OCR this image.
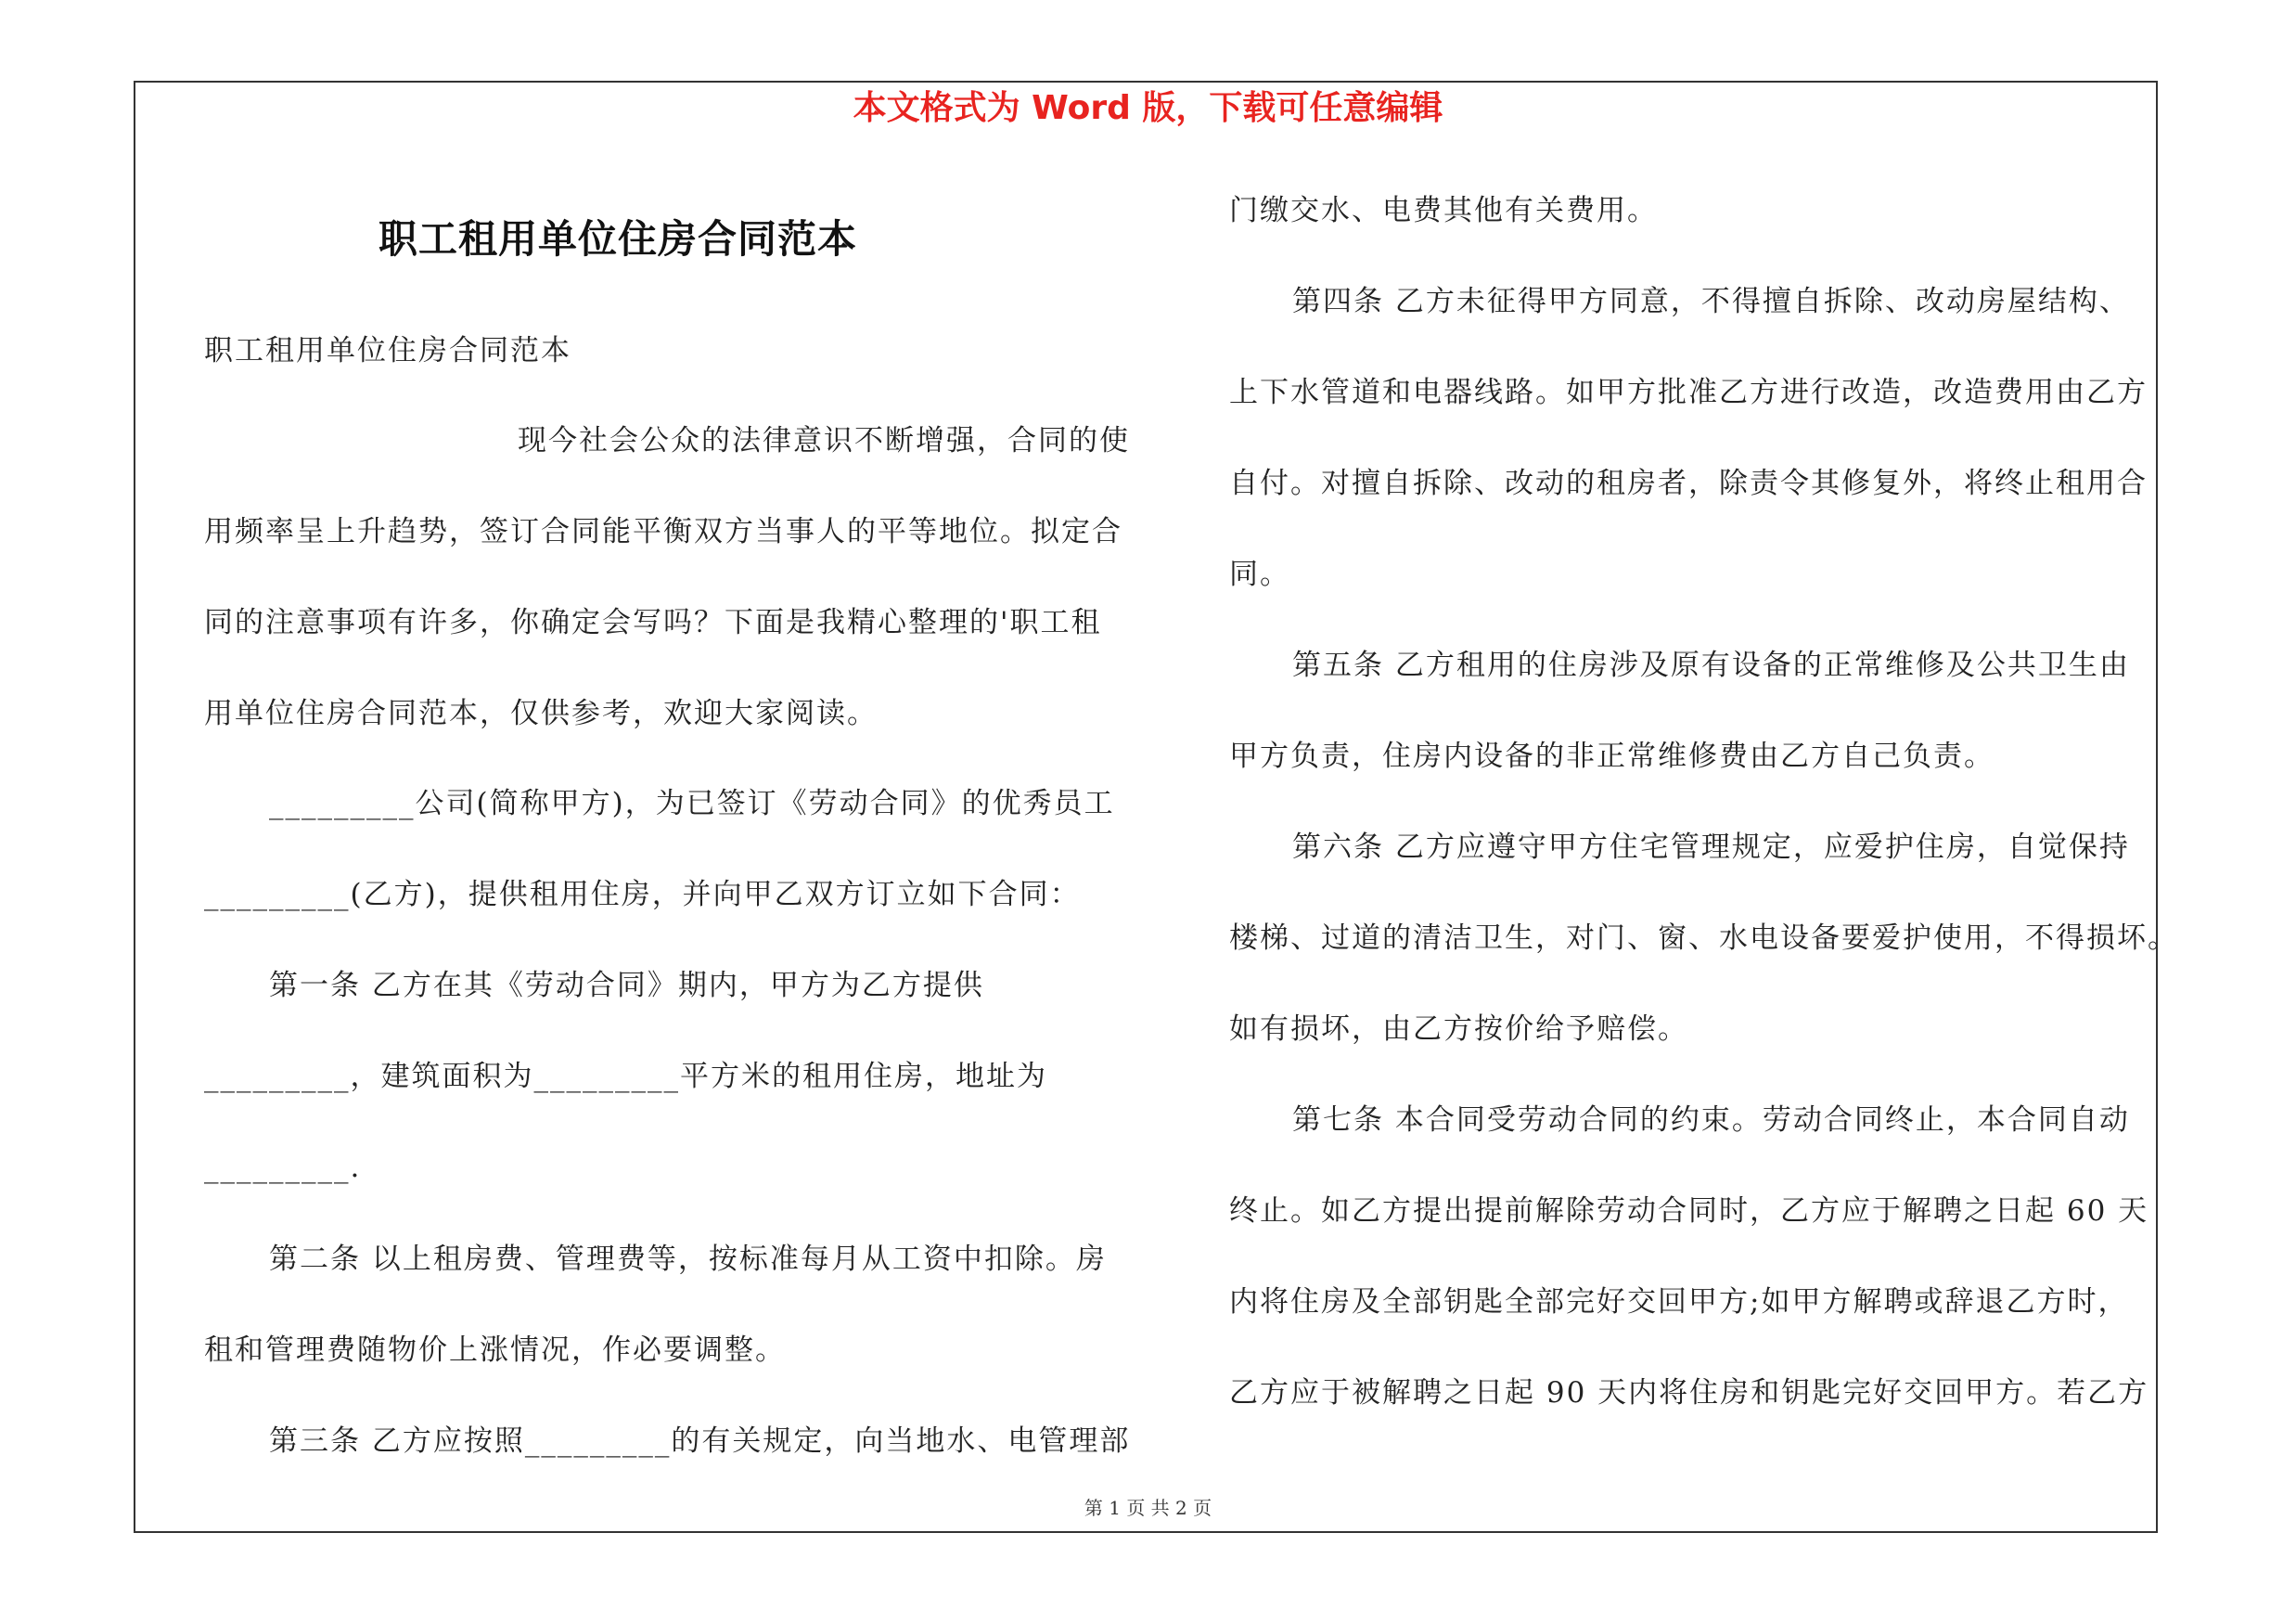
本文格式为 Word 版，下载可任意编辑
职工租用单位住房合同范本
职工租用单位住房合同范本
现今社会公众的法律意识不断增强，合同的使
用频率呈上升趋势，签订合同能平衡双方当事人的平等地位。拟定合
同的注意事项有许多，你确定会写吗？下面是我精心整理的'职工租
用单位住房合同范本，仅供参考，欢迎大家阅读。
_________公司(简称甲方)，为已签订《劳动合同》的优秀员工
_________(乙方)，提供租用住房，并向甲乙双方订立如下合同：
第一条 乙方在其《劳动合同》期内，甲方为乙方提供
_________，建筑面积为_________平方米的租用住房，地址为
_________.
第二条 以上租房费、管理费等，按标准每月从工资中扣除。房
租和管理费随物价上涨情况，作必要调整。
第三条 乙方应按照_________的有关规定，向当地水、电管理部
门缴交水、电费其他有关费用。
第四条 乙方未征得甲方同意，不得擅自拆除、改动房屋结构、
上下水管道和电器线路。如甲方批准乙方进行改造，改造费用由乙方
自付。对擅自拆除、改动的租房者，除责令其修复外，将终止租用合
同。
第五条 乙方租用的住房涉及原有设备的正常维修及公共卫生由
甲方负责，住房内设备的非正常维修费由乙方自己负责。
第六条 乙方应遵守甲方住宅管理规定，应爱护住房，自觉保持
楼梯、过道的清洁卫生，对门、窗、水电设备要爱护使用，不得损坏。
如有损坏，由乙方按价给予赔偿。
第七条 本合同受劳动合同的约束。劳动合同终止，本合同自动
终止。如乙方提出提前解除劳动合同时，乙方应于解聘之日起 60 天
内将住房及全部钥匙全部完好交回甲方;如甲方解聘或辞退乙方时，
乙方应于被解聘之日起 90 天内将住房和钥匙完好交回甲方。若乙方
第 1 页 共 2 页
